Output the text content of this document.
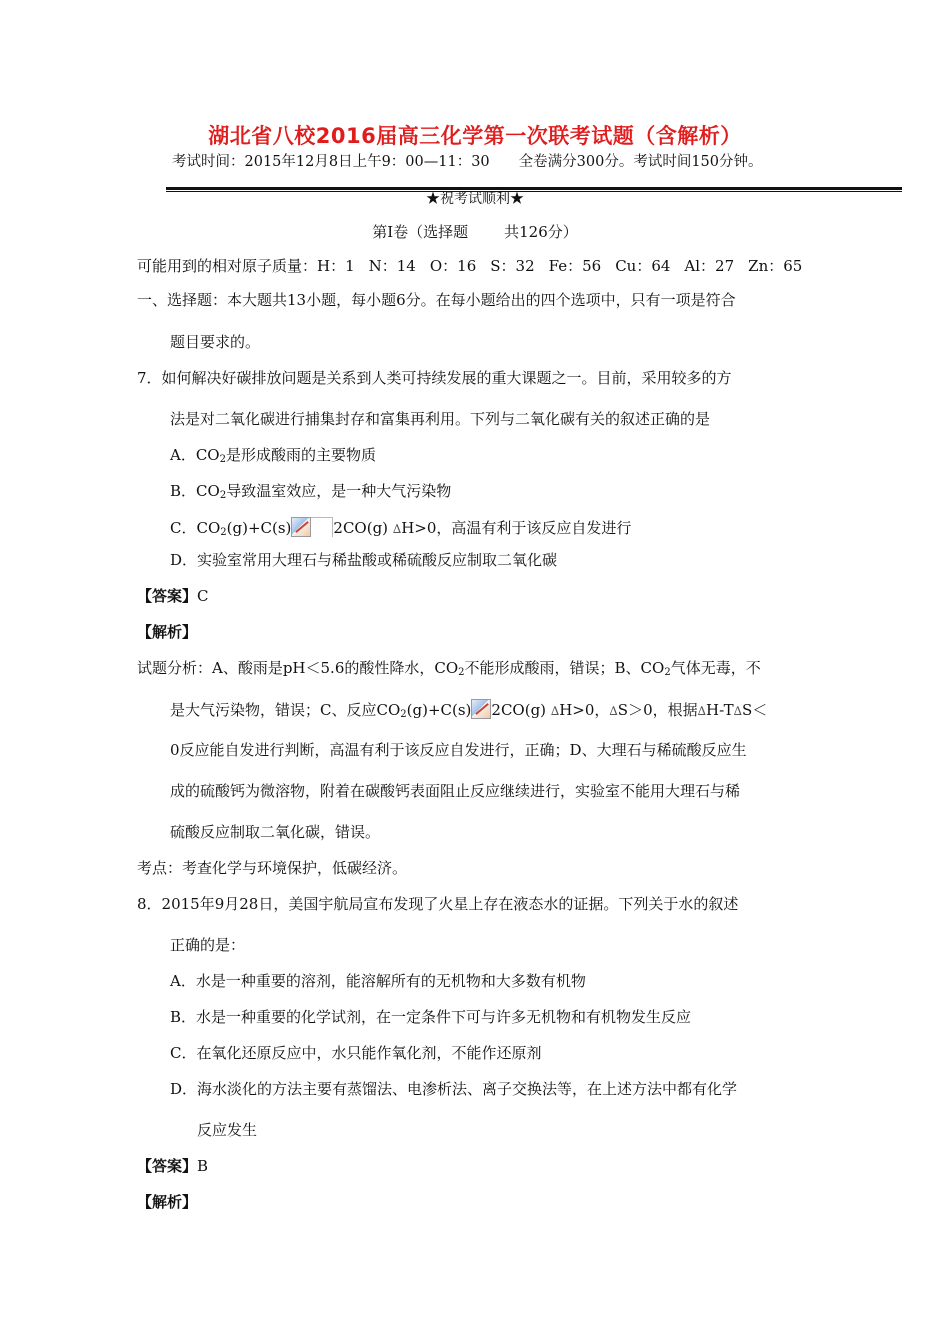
湖北省八校2016届高三化学第一次联考试题（含解析）
考试时间：2015年12月8日上午9：00—11：30　　全卷满分300分。考试时间150分钟。
★祝考试顺利★
第Ⅰ卷（选择题 共126分）
可能用到的相对原子质量：H：1 N：14 O：16 S：32 Fe：56 Cu：64 Al：27 Zn：65
一、选择题：本大题共13小题，每小题6分。在每小题给出的四个选项中，只有一项是符合
题目要求的。
7．如何解决好碳排放问题是关系到人类可持续发展的重大课题之一。目前，采用较多的方
法是对二氧化碳进行捕集封存和富集再利用。下列与二氧化碳有关的叙述正确的是
A．$CO_2$是形成酸雨的主要物质
B．$CO_2$导致温室效应，是一种大气污染物
C．$CO_2(g)+C(s)$	2CO(g) ∆H>0，高温有利于该反应自发进行
D．实验室常用大理石与稀盐酸或稀硫酸反应制取二氧化碳
【答案】C
【解析】
试题分析：A、酸雨是pH＜5.6的酸性降水，$CO_2$不能形成酸雨，错误；B、$CO_2$气体无毒，不
是大气污染物，错误；C、反应$CO_2(g)+C(s)$ 2CO(g) ∆H>0，∆S＞0，根据∆H-T∆S＜
0反应能自发进行判断，高温有利于该反应自发进行，正确；D、大理石与稀硫酸反应生
成的硫酸钙为微溶物，附着在碳酸钙表面阻止反应继续进行，实验室不能用大理石与稀
硫酸反应制取二氧化碳，错误。
考点：考查化学与环境保护，低碳经济。
8．2015年9月28日，美国宇航局宣布发现了火星上存在液态水的证据。下列关于水的叙述
正确的是：
A．水是一种重要的溶剂，能溶解所有的无机物和大多数有机物
B．水是一种重要的化学试剂，在一定条件下可与许多无机物和有机物发生反应
C．在氧化还原反应中，水只能作氧化剂，不能作还原剂
D．海水淡化的方法主要有蒸馏法、电渗析法、离子交换法等，在上述方法中都有化学
反应发生
【答案】B
【解析】
